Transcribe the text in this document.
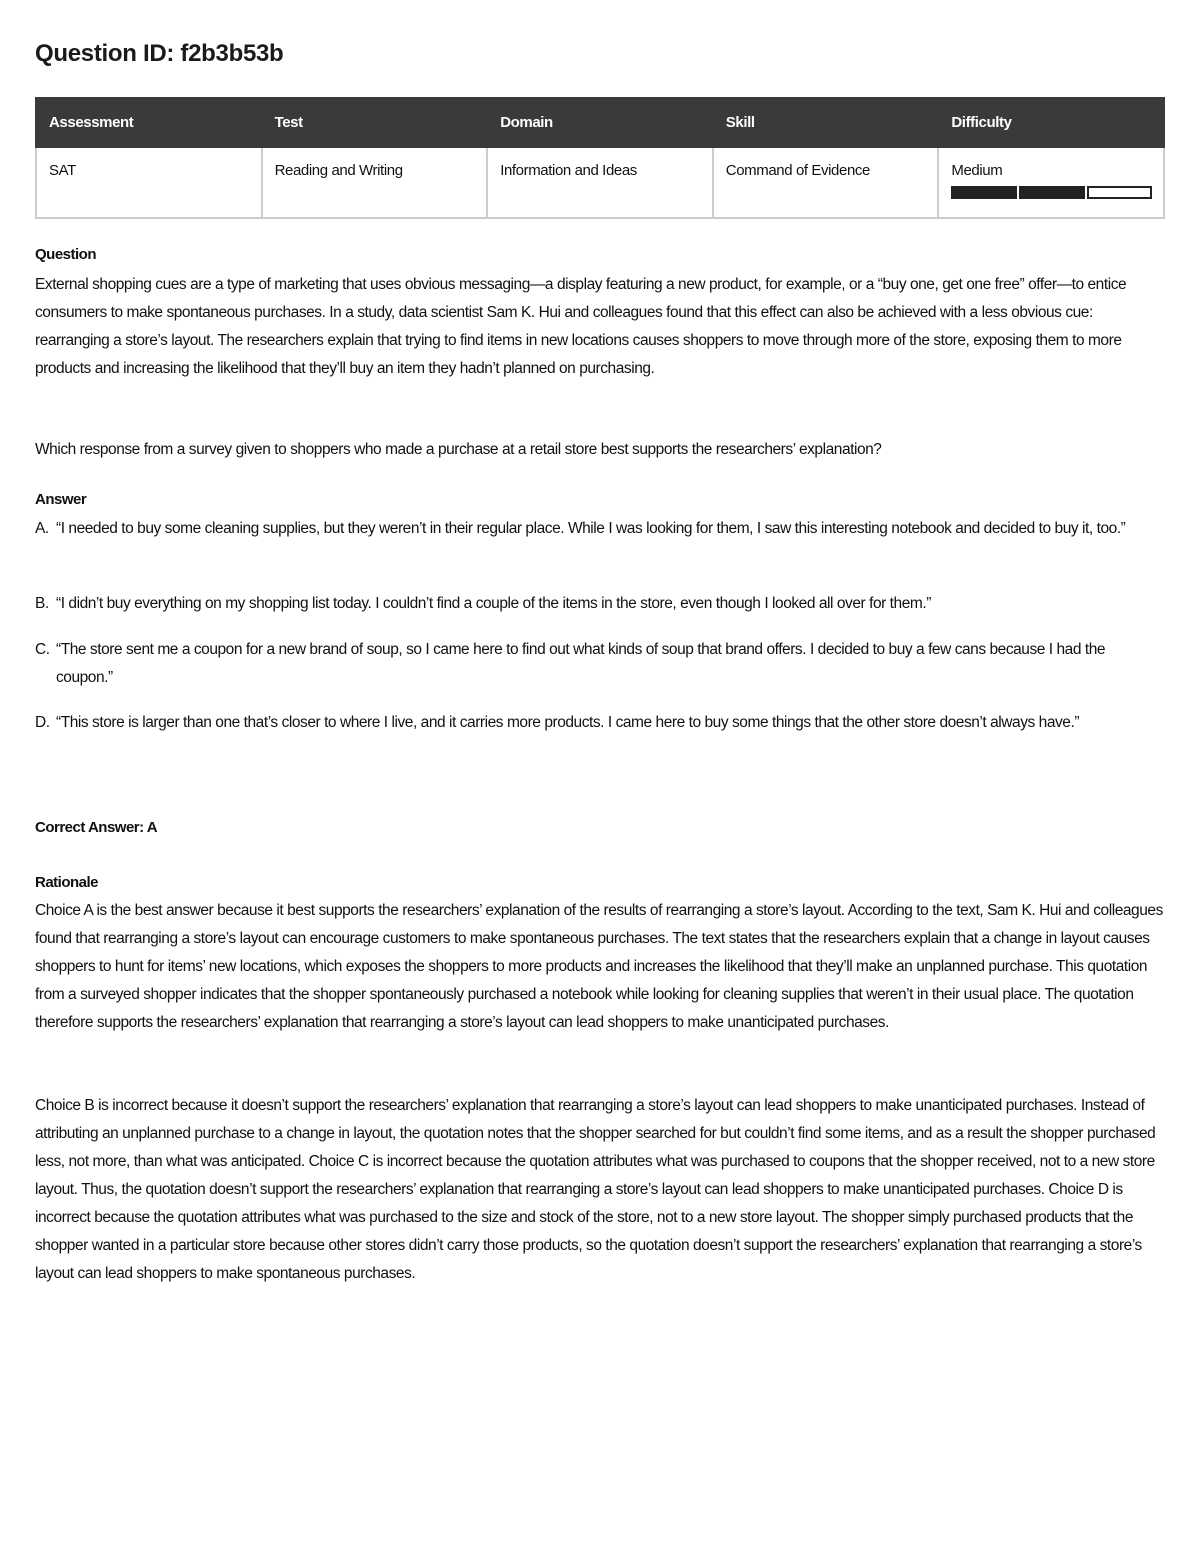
Question ID: f2b3b53b
Assessment	Test	Domain	Skill	Difficulty
SAT	Reading and Writing	Information and Ideas	Command of Evidence	Medium
Question

External shopping cues are a type of marketing that uses obvious messaging—a display featuring a new product, for example, or a “buy one, get one free” offer—to entice consumers to make spontaneous purchases. In a study, data scientist Sam K. Hui and colleagues found that this effect can also be achieved with a less obvious cue: rearranging a store’s layout. The researchers explain that trying to find items in new locations causes shoppers to move through more of the store, exposing them to more products and increasing the likelihood that they’ll buy an item they hadn’t planned on purchasing.

Which response from a survey given to shoppers who made a purchase at a retail store best supports the researchers’ explanation?

Answer
A. “I needed to buy some cleaning supplies, but they weren’t in their regular place. While I was looking for them, I saw this interesting notebook and decided to buy it, too.”
B. “I didn’t buy everything on my shopping list today. I couldn’t find a couple of the items in the store, even though I looked all over for them.”
C. “The store sent me a coupon for a new brand of soup, so I came here to find out what kinds of soup that brand offers. I decided to buy a few cans because I had the coupon.”
D. “This store is larger than one that’s closer to where I live, and it carries more products. I came here to buy some things that the other store doesn’t always have.”
Correct Answer: A
Rationale

Choice A is the best answer because it best supports the researchers’ explanation of the results of rearranging a store’s layout. According to the text, Sam K. Hui and colleagues found that rearranging a store’s layout can encourage customers to make spontaneous purchases. The text states that the researchers explain that a change in layout causes shoppers to hunt for items’ new locations, which exposes the shoppers to more products and increases the likelihood that they’ll make an unplanned purchase. This quotation from a surveyed shopper indicates that the shopper spontaneously purchased a notebook while looking for cleaning supplies that weren’t in their usual place. The quotation therefore supports the researchers’ explanation that rearranging a store’s layout can lead shoppers to make unanticipated purchases.

Choice B is incorrect because it doesn’t support the researchers’ explanation that rearranging a store’s layout can lead shoppers to make unanticipated purchases. Instead of attributing an unplanned purchase to a change in layout, the quotation notes that the shopper searched for but couldn’t find some items, and as a result the shopper purchased less, not more, than what was anticipated. Choice C is incorrect because the quotation attributes what was purchased to coupons that the shopper received, not to a new store layout. Thus, the quotation doesn’t support the researchers’ explanation that rearranging a store’s layout can lead shoppers to make unanticipated purchases. Choice D is incorrect because the quotation attributes what was purchased to the size and stock of the store, not to a new store layout. The shopper simply purchased products that the shopper wanted in a particular store because other stores didn’t carry those products, so the quotation doesn’t support the researchers’ explanation that rearranging a store’s layout can lead shoppers to make spontaneous purchases.
